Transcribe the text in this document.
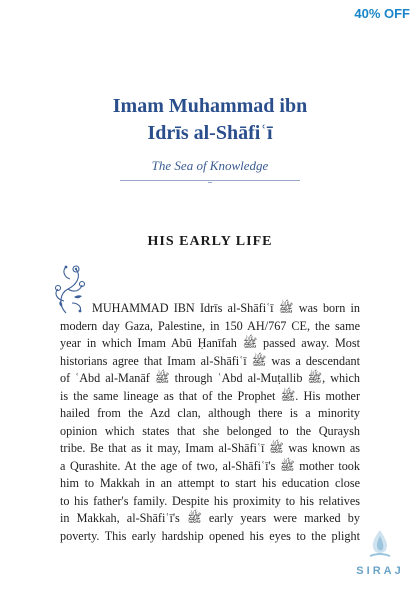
40% OFF
Imam Muhammad ibn
Idrīs al-Shāfiʿī
The Sea of Knowledge
HIS EARLY LIFE
MUHAMMAD IBN Idrīs al-Shāfiʿī ﷺ was born in
modern day Gaza, Palestine, in 150 AH/767 CE, the same
year in which Imam Abū Ḥanīfah ﷺ passed away. Most
historians agree that Imam al-Shāfiʿī ﷺ was a descendant
of ʿAbd al-Manāf ﷺ through ʿAbd al-Muṭallib ﷺ, which
is the same lineage as that of the Prophet ﷺ. His mother
hailed from the Azd clan, although there is a minority
opinion which states that she belonged to the Quraysh
tribe. Be that as it may, Imam al-Shāfiʿī ﷺ was known as
a Qurashite. At the age of two, al-Shāfiʿī's ﷺ mother took
him to Makkah in an attempt to start his education close
to his father's family. Despite his proximity to his relatives
in Makkah, al-Shāfiʿī's ﷺ early years were marked by
poverty. This early hardship opened his eyes to the plight
SIRAJ
